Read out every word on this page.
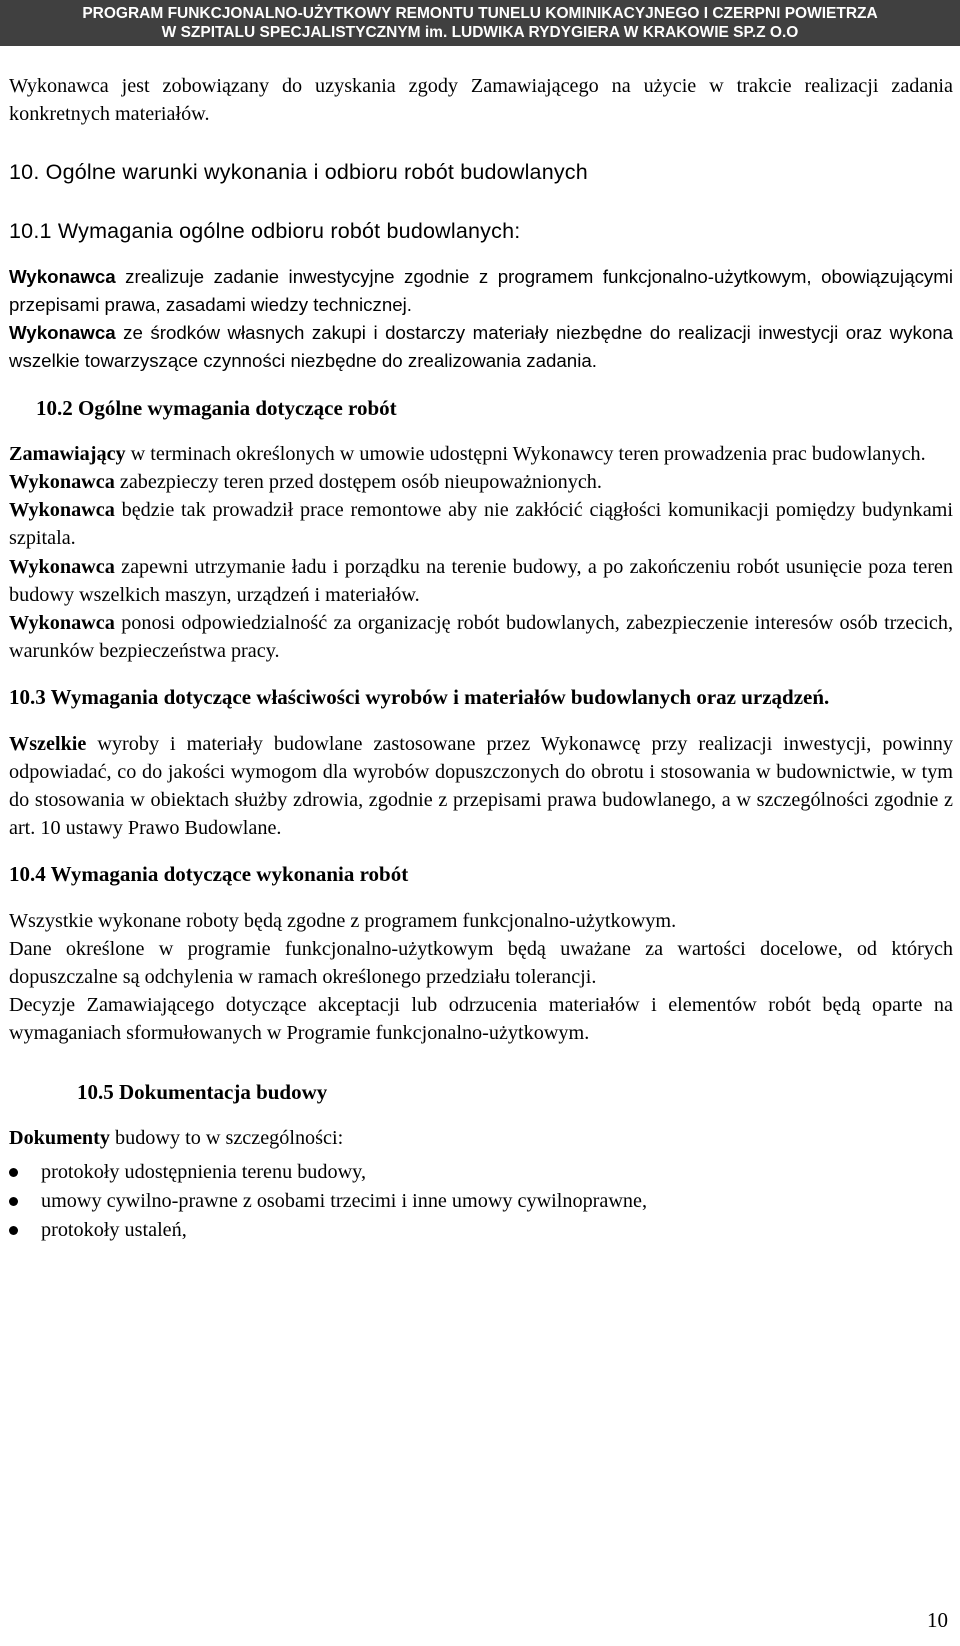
PROGRAM FUNKCJONALNO-UŻYTKOWY REMONTU TUNELU KOMINIKACYJNEGO I CZERPNI POWIETRZA
W SZPITALU SPECJALISTYCZNYM im. LUDWIKA RYDYGIERA W KRAKOWIE SP.Z O.O

Wykonawca jest zobowiązany do uzyskania zgody Zamawiającego na użycie w trakcie realizacji zadania konkretnych materiałów.

10. Ogólne warunki wykonania i odbioru robót budowlanych

10.1 Wymagania ogólne odbioru robót budowlanych:

Wykonawca zrealizuje zadanie inwestycyjne zgodnie z programem funkcjonalno-użytkowym, obowiązującymi przepisami prawa, zasadami wiedzy technicznej.

Wykonawca ze środków własnych zakupi i dostarczy materiały niezbędne do realizacji inwestycji oraz wykona wszelkie towarzyszące czynności niezbędne do zrealizowania zadania.

10.2 Ogólne wymagania dotyczące robót

Zamawiający w terminach określonych w umowie udostępni Wykonawcy teren prowadzenia prac budowlanych.

Wykonawca zabezpieczy teren przed dostępem osób nieupoważnionych.

Wykonawca będzie tak prowadził prace remontowe aby nie zakłócić ciągłości komunikacji pomiędzy budynkami szpitala.

Wykonawca zapewni utrzymanie ładu i porządku na terenie budowy, a po zakończeniu robót usunięcie poza teren budowy wszelkich maszyn, urządzeń i materiałów.

Wykonawca ponosi odpowiedzialność za organizację robót budowlanych, zabezpieczenie interesów osób trzecich, warunków bezpieczeństwa pracy.

10.3 Wymagania dotyczące właściwości wyrobów i materiałów budowlanych oraz urządzeń.

Wszelkie wyroby i materiały budowlane zastosowane przez Wykonawcę przy realizacji inwestycji, powinny odpowiadać, co do jakości wymogom dla wyrobów dopuszczonych do obrotu i stosowania w budownictwie, w tym do stosowania w obiektach służby zdrowia, zgodnie z przepisami prawa budowlanego, a w szczególności zgodnie z art. 10 ustawy Prawo Budowlane.

10.4 Wymagania dotyczące wykonania robót

Wszystkie wykonane roboty będą zgodne z programem funkcjonalno-użytkowym.

Dane określone w programie funkcjonalno-użytkowym będą uważane za wartości docelowe, od których dopuszczalne są odchylenia w ramach określonego przedziału tolerancji.

Decyzje Zamawiającego dotyczące akceptacji lub odrzucenia materiałów i elementów robót będą oparte na wymaganiach sformułowanych w Programie funkcjonalno-użytkowym.

10.5 Dokumentacja budowy

Dokumenty budowy to w szczególności:

protokoły udostępnienia terenu budowy,
umowy cywilno-prawne z osobami trzecimi i inne umowy cywilnoprawne,
protokoły ustaleń,
10
